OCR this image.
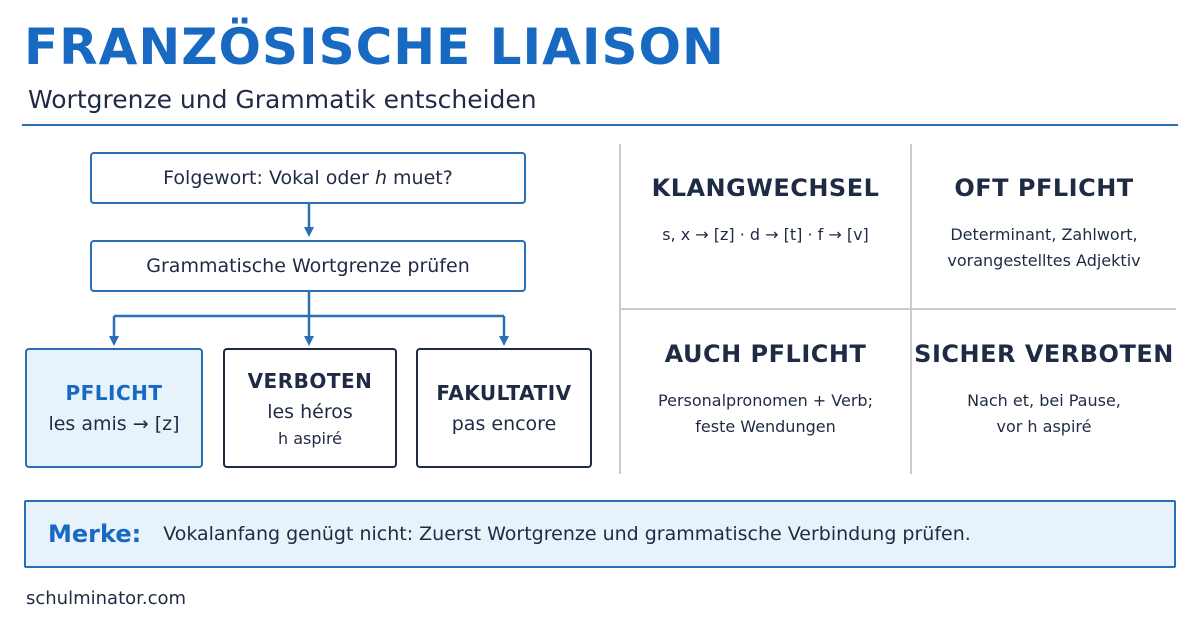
FRANZÖSISCHE LIAISON
Wortgrenze und Grammatik entscheiden
Folgewort: Vokal oder h muet?
Grammatische Wortgrenze prüfen
PFLICHT
les amis → [z]
VERBOTEN
les héros
h aspiré
FAKULTATIV
pas encore
KLANGWECHSEL
s, x → [z] · d → [t] · f → [v]
OFT PFLICHT
Determinant, Zahlwort,
vorangestelltes Adjektiv
AUCH PFLICHT
Personalpronomen + Verb;
feste Wendungen
SICHER VERBOTEN
Nach et, bei Pause,
vor h aspiré
Merke: Vokalanfang genügt nicht: Zuerst Wortgrenze und grammatische Verbindung prüfen.
schulminator.com
